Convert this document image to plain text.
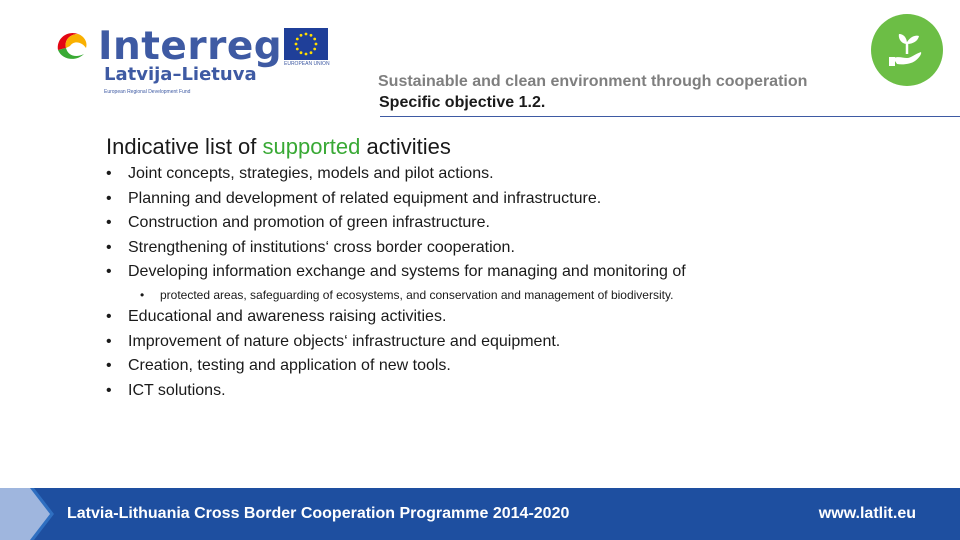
Interreg EUROPEAN UNION
Latvija–Lietuva
European Regional Development Fund
Sustainable and clean environment through cooperation
Specific objective 1.2.
Indicative list of supported activities
• Joint concepts, strategies, models and pilot actions.
• Planning and development of related equipment and infrastructure.
• Construction and promotion of green infrastructure.
• Strengthening of institutions‘ cross border cooperation.
• Developing information exchange and systems for managing and monitoring of
• protected areas, safeguarding of ecosystems, and conservation and management of biodiversity.
• Educational and awareness raising activities.
• Improvement of nature objects‘ infrastructure and equipment.
• Creation, testing and application of new tools.
• ICT solutions.
Latvia-Lithuania Cross Border Cooperation Programme 2014-2020	www.latlit.eu
